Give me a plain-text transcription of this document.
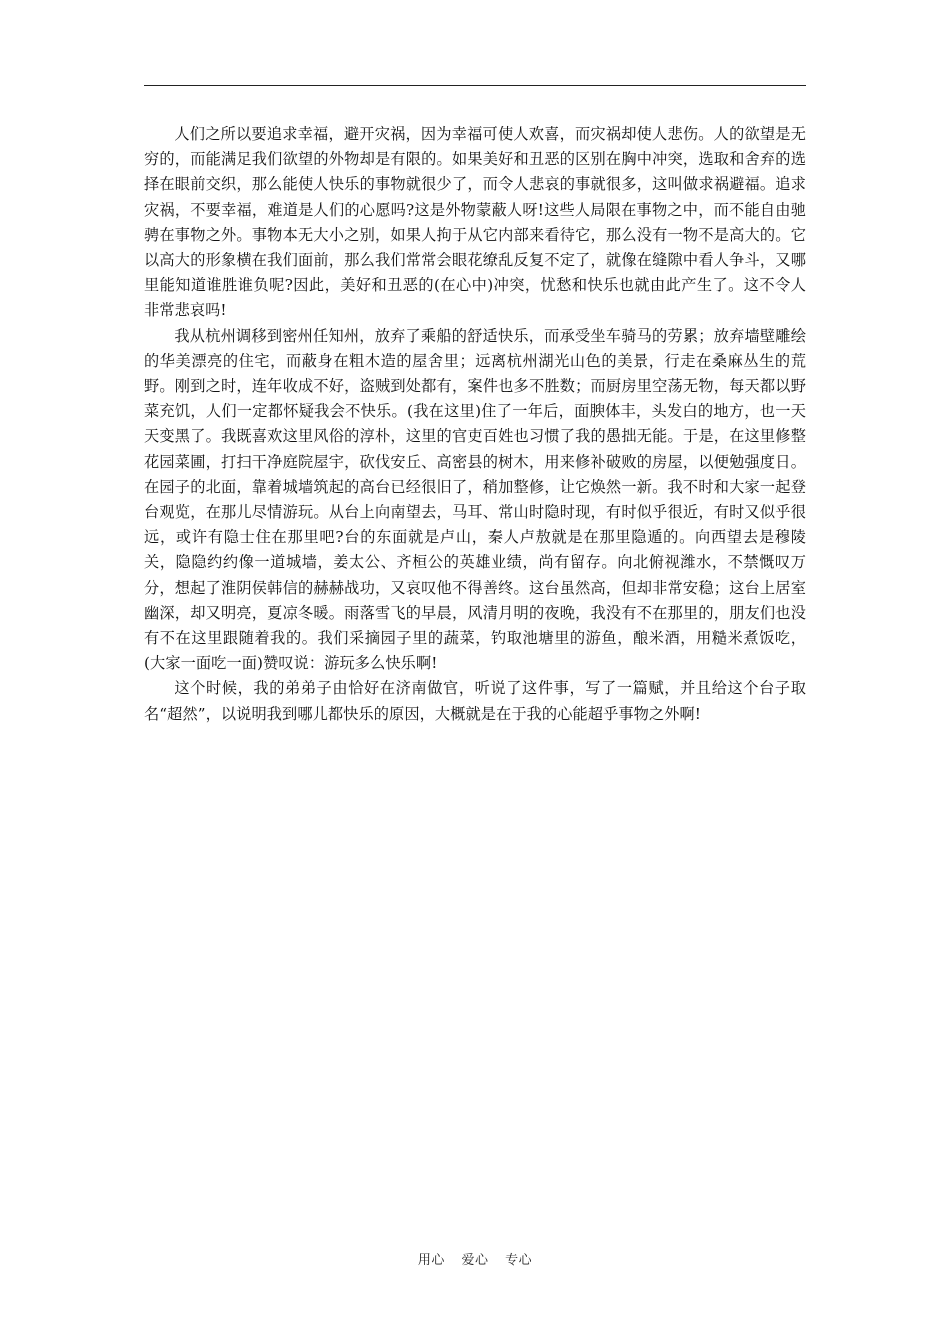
人们之所以要追求幸福，避开灾祸，因为幸福可使人欢喜，而灾祸却使人悲伤。人的欲望是无穷的，而能满足我们欲望的外物却是有限的。如果美好和丑恶的区别在胸中冲突，选取和舍弃的选择在眼前交织，那么能使人快乐的事物就很少了，而令人悲哀的事就很多，这叫做求祸避福。追求灾祸，不要幸福，难道是人们的心愿吗?这是外物蒙蔽人呀!这些人局限在事物之中，而不能自由驰骋在事物之外。事物本无大小之别，如果人拘于从它内部来看待它，那么没有一物不是高大的。它以高大的形象横在我们面前，那么我们常常会眼花缭乱反复不定了，就像在缝隙中看人争斗，又哪里能知道谁胜谁负呢?因此，美好和丑恶的(在心中)冲突，忧愁和快乐也就由此产生了。这不令人非常悲哀吗!

我从杭州调移到密州任知州，放弃了乘船的舒适快乐，而承受坐车骑马的劳累；放弃墙壁雕绘的华美漂亮的住宅，而蔽身在粗木造的屋舍里；远离杭州湖光山色的美景，行走在桑麻丛生的荒野。刚到之时，连年收成不好，盗贼到处都有，案件也多不胜数；而厨房里空荡无物，每天都以野菜充饥，人们一定都怀疑我会不快乐。(我在这里)住了一年后，面腴体丰，头发白的地方，也一天天变黑了。我既喜欢这里风俗的淳朴，这里的官吏百姓也习惯了我的愚拙无能。于是，在这里修整花园菜圃，打扫干净庭院屋宇，砍伐安丘、高密县的树木，用来修补破败的房屋，以便勉强度日。在园子的北面，靠着城墙筑起的高台已经很旧了，稍加整修，让它焕然一新。我不时和大家一起登台观览，在那儿尽情游玩。从台上向南望去，马耳、常山时隐时现，有时似乎很近，有时又似乎很远，或许有隐士住在那里吧?台的东面就是卢山，秦人卢敖就是在那里隐遁的。向西望去是穆陵关，隐隐约约像一道城墙，姜太公、齐桓公的英雄业绩，尚有留存。向北俯视潍水，不禁慨叹万分，想起了淮阴侯韩信的赫赫战功，又哀叹他不得善终。这台虽然高，但却非常安稳；这台上居室幽深，却又明亮，夏凉冬暖。雨落雪飞的早晨，风清月明的夜晚，我没有不在那里的，朋友们也没有不在这里跟随着我的。我们采摘园子里的蔬菜，钓取池塘里的游鱼，酿米酒，用糙米煮饭吃，(大家一面吃一面)赞叹说：游玩多么快乐啊!

这个时候，我的弟弟子由恰好在济南做官，听说了这件事，写了一篇赋，并且给这个台子取名“超然”，以说明我到哪儿都快乐的原因，大概就是在于我的心能超乎事物之外啊!

用心 爱心 专心
